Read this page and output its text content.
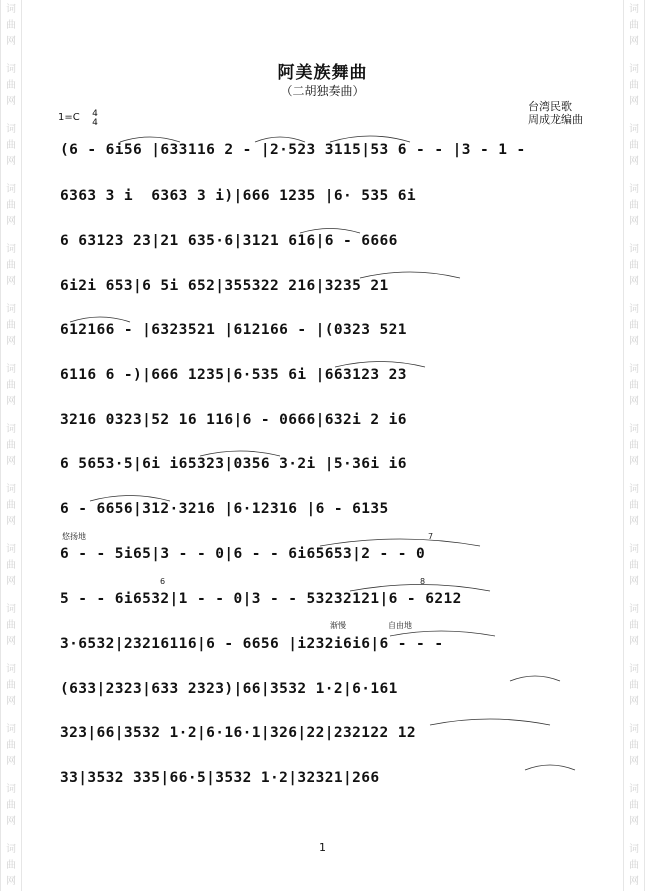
词
曲
网
词
曲
网
词
曲
网
词
曲
网
词
曲
网
词
曲
网
词
曲
网
词
曲
网
词
曲
网
词
曲
网
词
曲
网
词
曲
网
词
曲
网
词
曲
网
词
曲
网
词
曲
网
词
曲
网
词
曲
网
词
曲
网
词
曲
网
词
曲
网
词
曲
网
词
曲
网
词
曲
网
词
曲
网
词
曲
网
词
曲
网
词
曲
网
词
曲
网
词
曲
网
阿美族舞曲
（二胡独奏曲）
台湾民歌
周成龙编曲
1=C 4
4
(6 - 6i56 |633116 2 - |2·523 3115|53 6 - - |3 - 1 -
6363 3 i  6363 3 i)|666 1235 |6· 535 6i
6 63123 23|21 635·6|3121 616|6 - 6666
6i2i 653|6 5i 652|355322 216|3235 21
612166 - |6323521 |612166 - |(0323 521
6116 6 -)|666 1235|6·535 6i |663123 23
3216 0323|52 16 116|6 - 0666|632i 2 i6
6 5653·5|6i i65323|0356 3·2i |5·36i i6
6 - 6656|312·3216 |6·12316 |6 - 6135
6 - - 5i65|3 - - 0|6 - - 6i65653|2 - - 0
5 - - 6i6532|1 - - 0|3 - - 53232121|6 - 6212
3·6532|23216116|6 - 6656 |i232i6i6|6 - - -
(633|2323|633 2323)|66|3532 1·2|6·161
323|66|3532 1·2|6·16·1|326|22|232122 12
33|3532 335|66·5|3532 1·2|32321|266
悠扬地
渐慢	自由地
6
7
8
1
